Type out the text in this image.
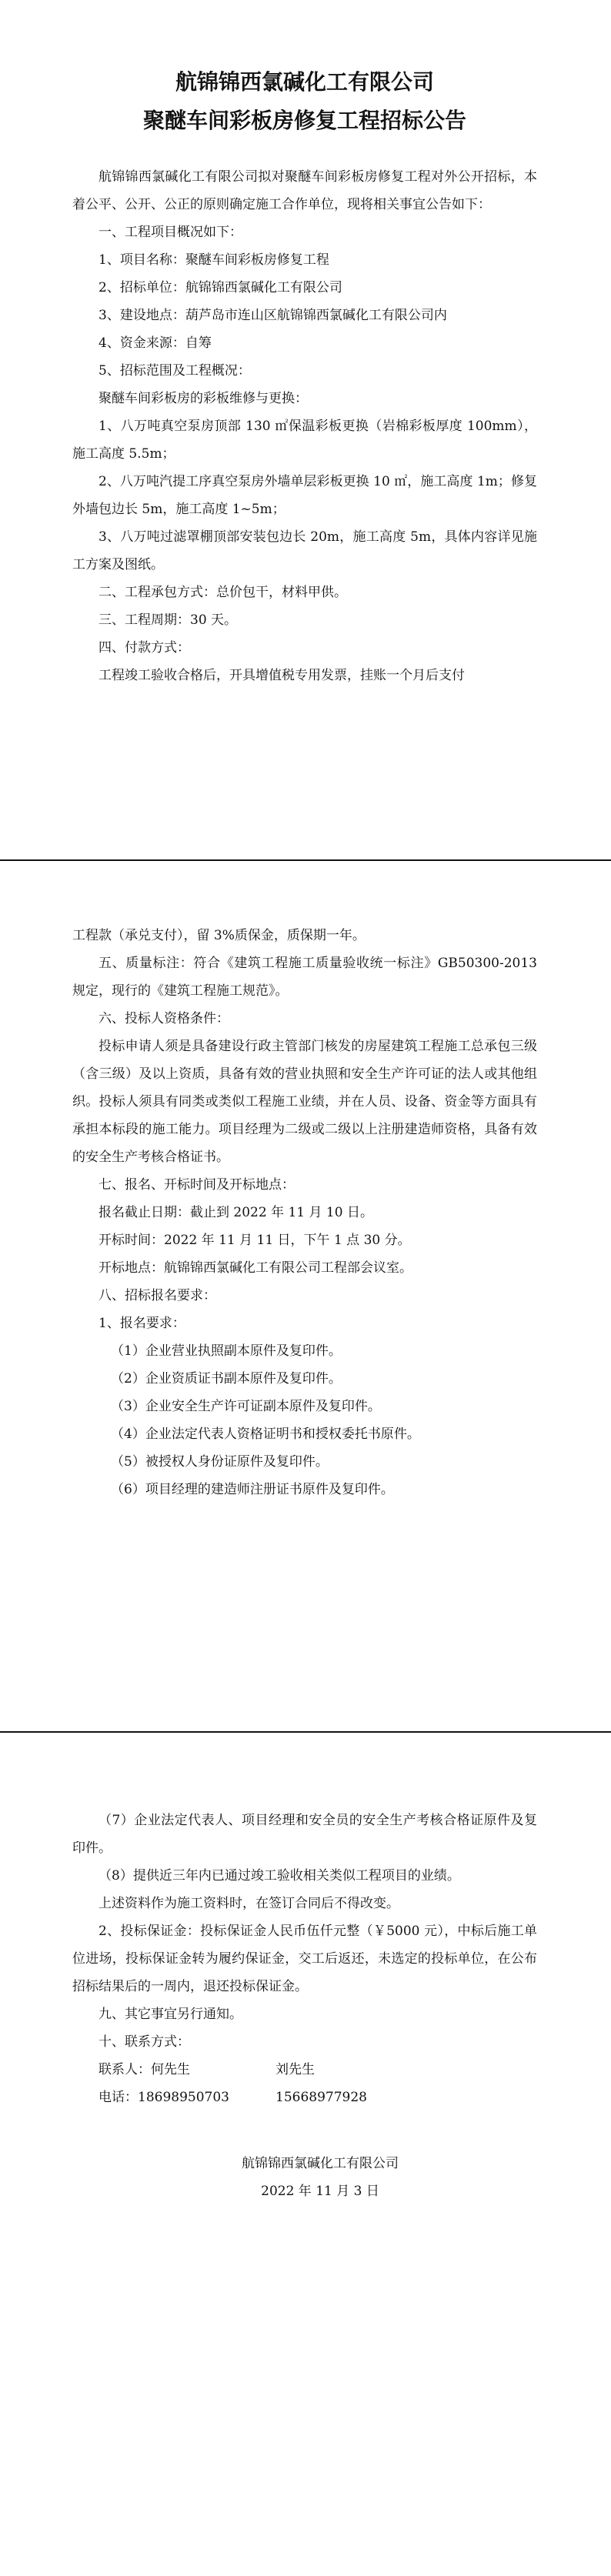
航锦锦西氯碱化工有限公司
聚醚车间彩板房修复工程招标公告

航锦锦西氯碱化工有限公司拟对聚醚车间彩板房修复工程对外公开招标，本着公平、公开、公正的原则确定施工合作单位，现将相关事宜公告如下：

一、工程项目概况如下：

1、项目名称：聚醚车间彩板房修复工程

2、招标单位：航锦锦西氯碱化工有限公司

3、建设地点：葫芦岛市连山区航锦锦西氯碱化工有限公司内

4、资金来源：自筹

5、招标范围及工程概况：

聚醚车间彩板房的彩板维修与更换：

1、八万吨真空泵房顶部 130 ㎡保温彩板更换（岩棉彩板厚度 100mm），施工高度 5.5m；

2、八万吨汽提工序真空泵房外墙单层彩板更换 10 ㎡，施工高度 1m；修复外墙包边长 5m，施工高度 1~5m；

3、八万吨过滤罩棚顶部安装包边长 20m，施工高度 5m，具体内容详见施工方案及图纸。

二、工程承包方式：总价包干，材料甲供。

三、工程周期：30 天。

四、付款方式：

工程竣工验收合格后，开具增值税专用发票，挂账一个月后支付

工程款（承兑支付），留 3%质保金，质保期一年。

五、质量标注：符合《建筑工程施工质量验收统一标注》GB50300-2013 规定，现行的《建筑工程施工规范》。

六、投标人资格条件：

投标申请人须是具备建设行政主管部门核发的房屋建筑工程施工总承包三级（含三级）及以上资质，具备有效的营业执照和安全生产许可证的法人或其他组织。投标人须具有同类或类似工程施工业绩，并在人员、设备、资金等方面具有承担本标段的施工能力。项目经理为二级或二级以上注册建造师资格，具备有效的安全生产考核合格证书。

七、报名、开标时间及开标地点：

报名截止日期：截止到 2022 年 11 月 10 日。

开标时间：2022 年 11 月 11 日，下午 1 点 30 分。

开标地点：航锦锦西氯碱化工有限公司工程部会议室。

八、招标报名要求：

1、报名要求：

（1）企业营业执照副本原件及复印件。

（2）企业资质证书副本原件及复印件。

（3）企业安全生产许可证副本原件及复印件。

（4）企业法定代表人资格证明书和授权委托书原件。

（5）被授权人身份证原件及复印件。

（6）项目经理的建造师注册证书原件及复印件。

（7）企业法定代表人、项目经理和安全员的安全生产考核合格证原件及复印件。

（8）提供近三年内已通过竣工验收相关类似工程项目的业绩。

上述资料作为施工资料时，在签订合同后不得改变。

2、投标保证金：投标保证金人民币伍仟元整（￥5000 元），中标后施工单位进场，投标保证金转为履约保证金，交工后返还，未选定的投标单位，在公布招标结果后的一周内，退还投标保证金。

九、其它事宜另行通知。

十、联系方式：

联系人：何先生	刘先生

电话：18698950703	15668977928

航锦锦西氯碱化工有限公司

2022 年 11 月 3 日
